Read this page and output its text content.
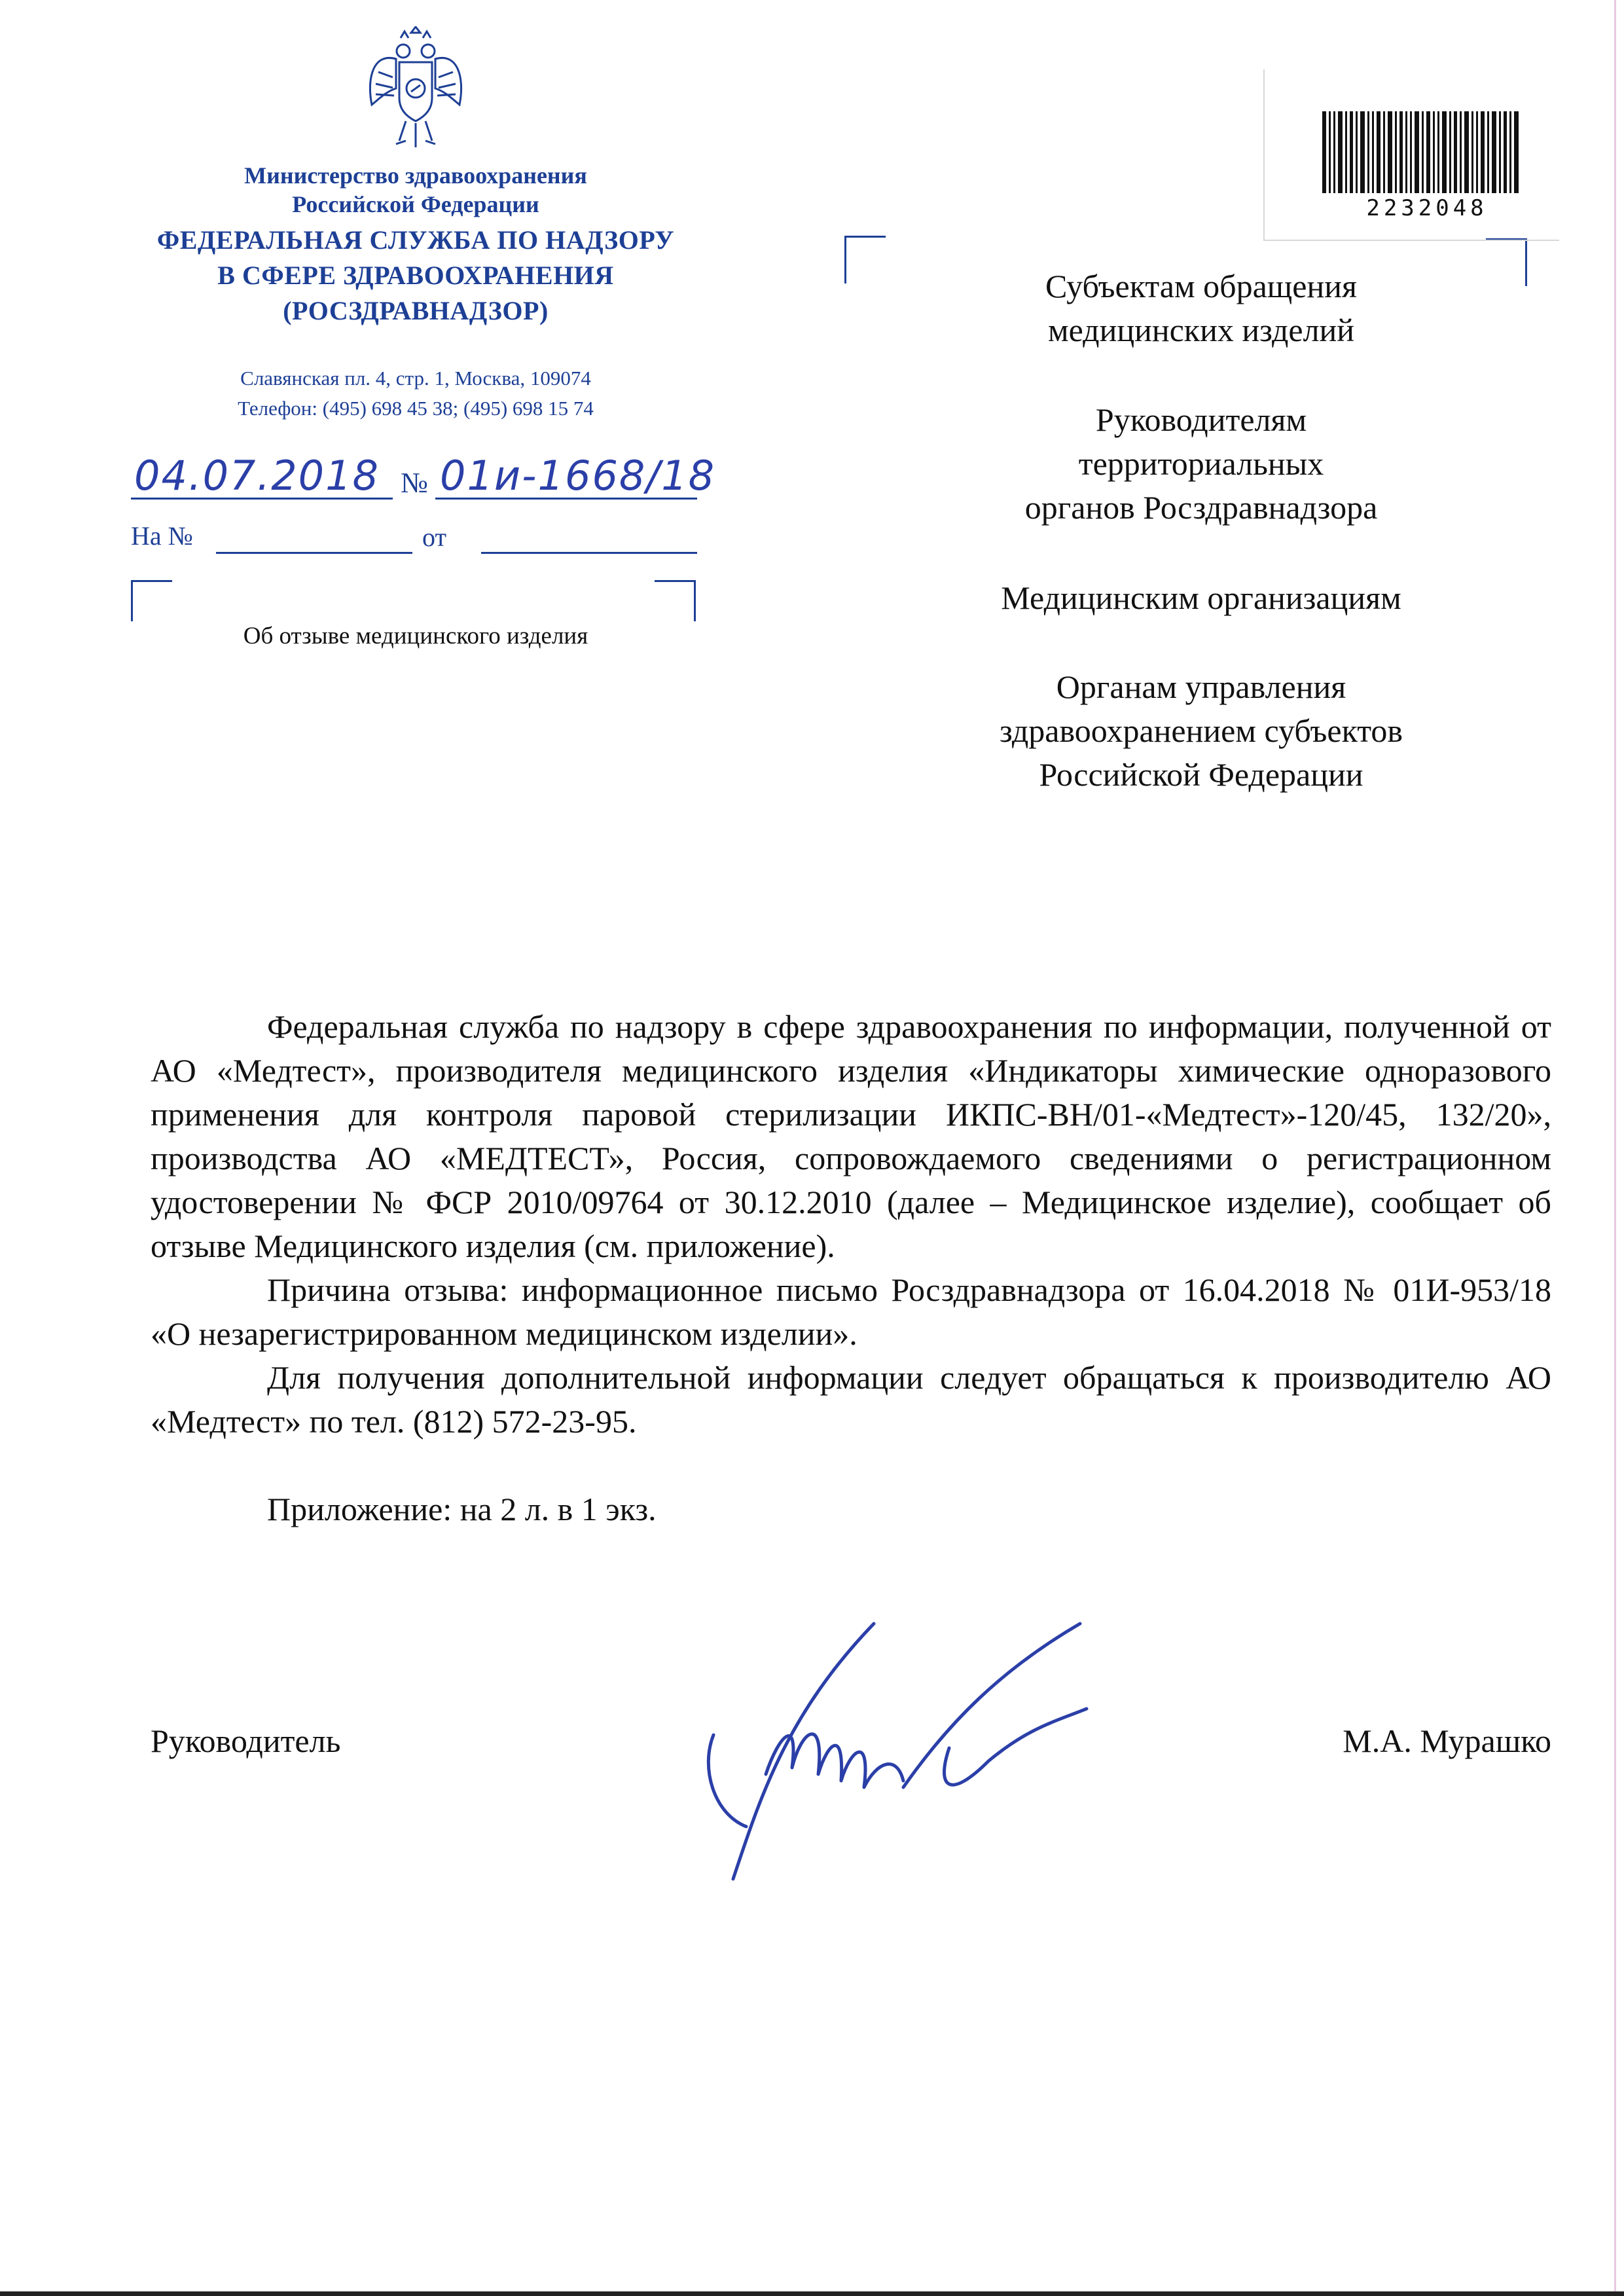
Министерство здравоохранения
Российской Федерации
ФЕДЕРАЛЬНАЯ СЛУЖБА ПО НАДЗОРУ
В СФЕРЕ ЗДРАВООХРАНЕНИЯ
(РОСЗДРАВНАДЗОР)
Славянская пл. 4, стр. 1, Москва, 109074
Телефон: (495) 698 45 38; (495) 698 15 74
04.07.2018 № 01и-1668/18
На №	от
Об отзыве медицинского изделия
2232048
Субъектам обращения
медицинских изделий
Руководителям
территориальных
органов Росздравнадзора
Медицинским организациям
Органам управления
здравоохранением субъектов
Российской Федерации

Федеральная служба по надзору в сфере здравоохранения по информации, полученной от АО «Медтест», производителя медицинского изделия «Индикаторы химические одноразового применения для контроля паровой стерилизации ИКПС-ВН/01-«Медтест»-120/45, 132/20», производства АО «МЕДТЕСТ», Россия, сопровождаемого сведениями о регистрационном удостоверении № ФСР 2010/09764 от 30.12.2010 (далее – Медицинское изделие), сообщает об отзыве Медицинского изделия (см. приложение).

Причина отзыва: информационное письмо Росздравнадзора от 16.04.2018 № 01И-953/18 «О незарегистрированном медицинском изделии».

Для получения дополнительной информации следует обращаться к производителю АО «Медтест» по тел. (812) 572-23-95.

Приложение: на 2 л. в 1 экз.

Руководитель	М.А. Мурашко
